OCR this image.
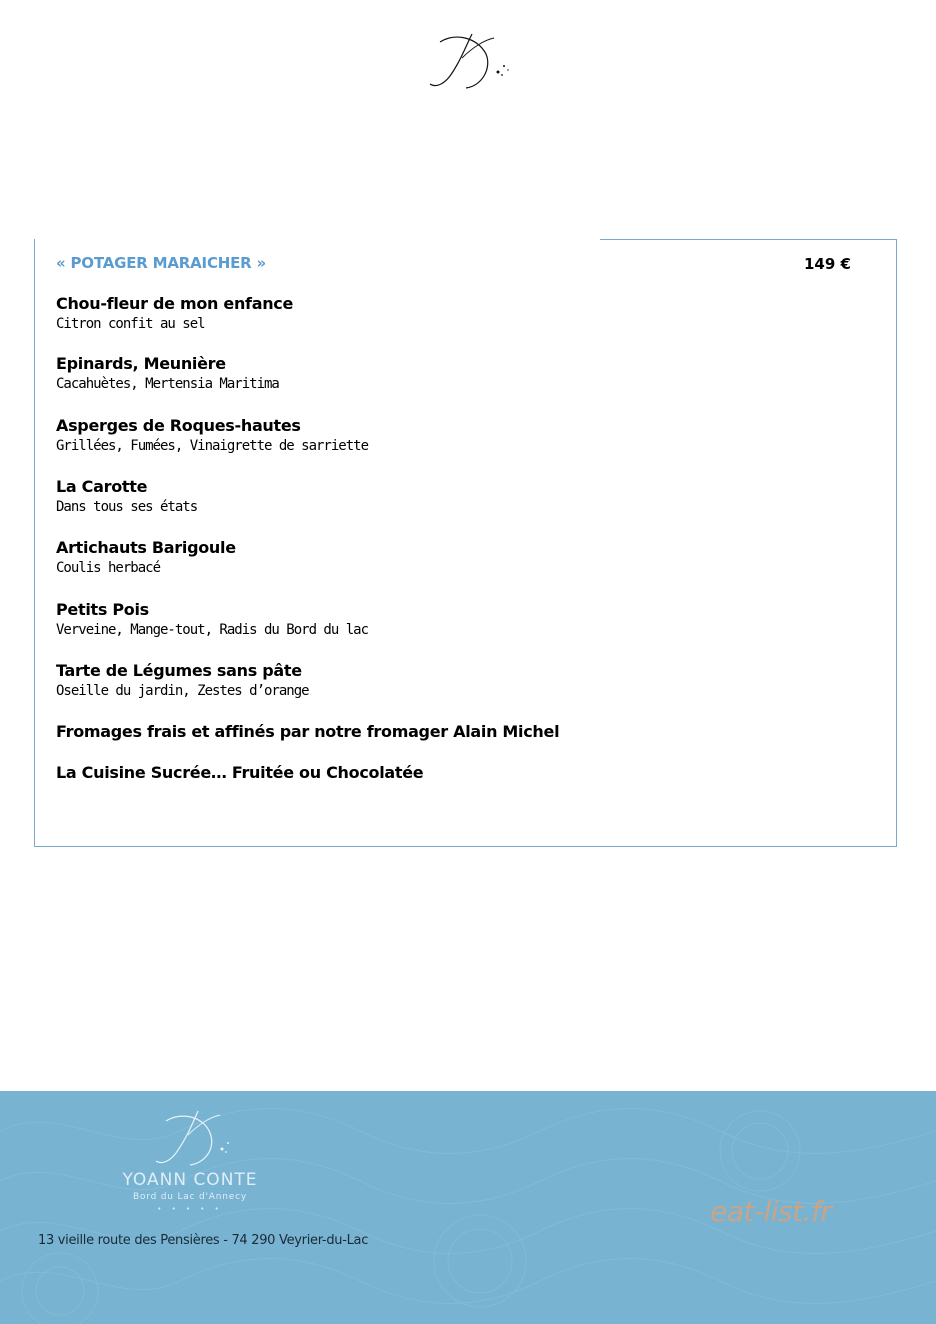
« POTAGER MARAICHER »	149 €
Chou-fleur de mon enfance
Citron confit au sel
Epinards, Meunière
Cacahuètes, Mertensia Maritima
Asperges de Roques-hautes
Grillées, Fumées, Vinaigrette de sarriette
La Carotte
Dans tous ses états
Artichauts Barigoule
Coulis herbacé
Petits Pois
Verveine, Mange-tout, Radis du Bord du lac
Tarte de Légumes sans pâte
Oseille du jardin, Zestes d’orange
Fromages frais et affinés par notre fromager Alain Michel
La Cuisine Sucrée… Fruitée ou Chocolatée
YOANN CONTE
Bord du Lac d'Annecy
• • • • •
13 vieille route des Pensières - 74 290 Veyrier-du-Lac
eat-list.fr
